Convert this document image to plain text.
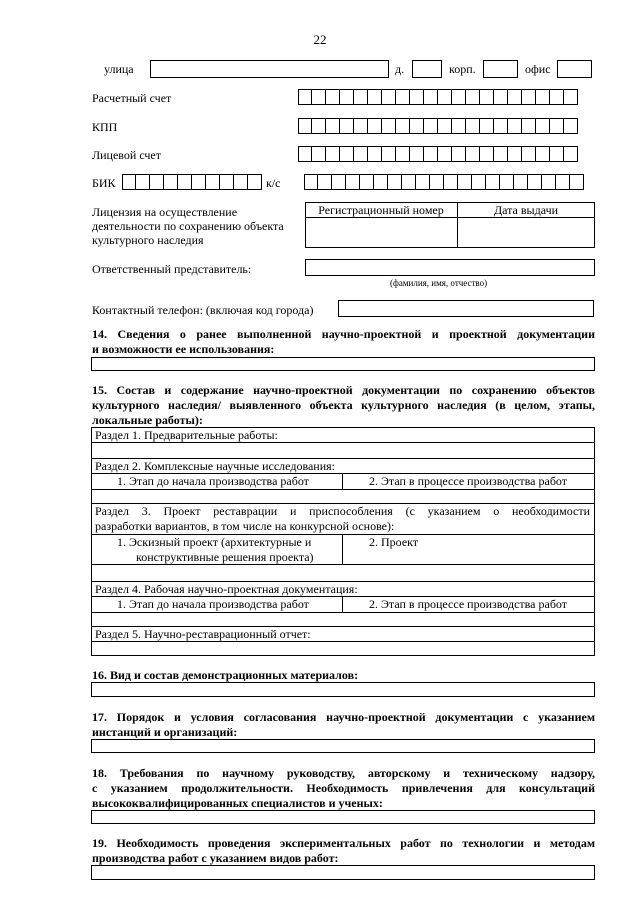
22
улица	д.	корп.	офис
Расчетный счет
КПП
Лицевой счет
БИК	к/с
Лицензия на осуществление
деятельности по сохранению объекта
культурного наследия
Регистрационный номер	Дата выдачи
Ответственный представитель:
(фамилия, имя, отчество)
Контактный телефон: (включая код города)
14. Сведения о ранее выполненной научно-проектной и проектной документации
и возможности ее использования:
15. Состав и содержание научно-проектной документации по сохранению объектов
культурного наследия/ выявленного объекта культурного наследия (в целом, этапы,
локальные работы):
Раздел 1. Предварительные работы:
Раздел 2. Комплексные научные исследования:
1. Этап до начала производства работ	2. Этап в процессе производства работ
Раздел 3. Проект реставрации и приспособления (с указанием о необходимости
разработки вариантов, в том числе на конкурсной основе):
1. Эскизный проект (архитектурные и
конструктивные решения проекта)
2. Проект
Раздел 4. Рабочая научно-проектная документация:
1. Этап до начала производства работ	2. Этап в процессе производства работ
Раздел 5. Научно-реставрационный отчет:
16. Вид и состав демонстрационных материалов:
17. Порядок и условия согласования научно-проектной документации с указанием
инстанций и организаций:
18. Требования по научному руководству, авторскому и техническому надзору,
с указанием продолжительности. Необходимость привлечения для консультаций
высококвалифицированных специалистов и ученых:
19. Необходимость проведения экспериментальных работ по технологии и методам
производства работ с указанием видов работ:
